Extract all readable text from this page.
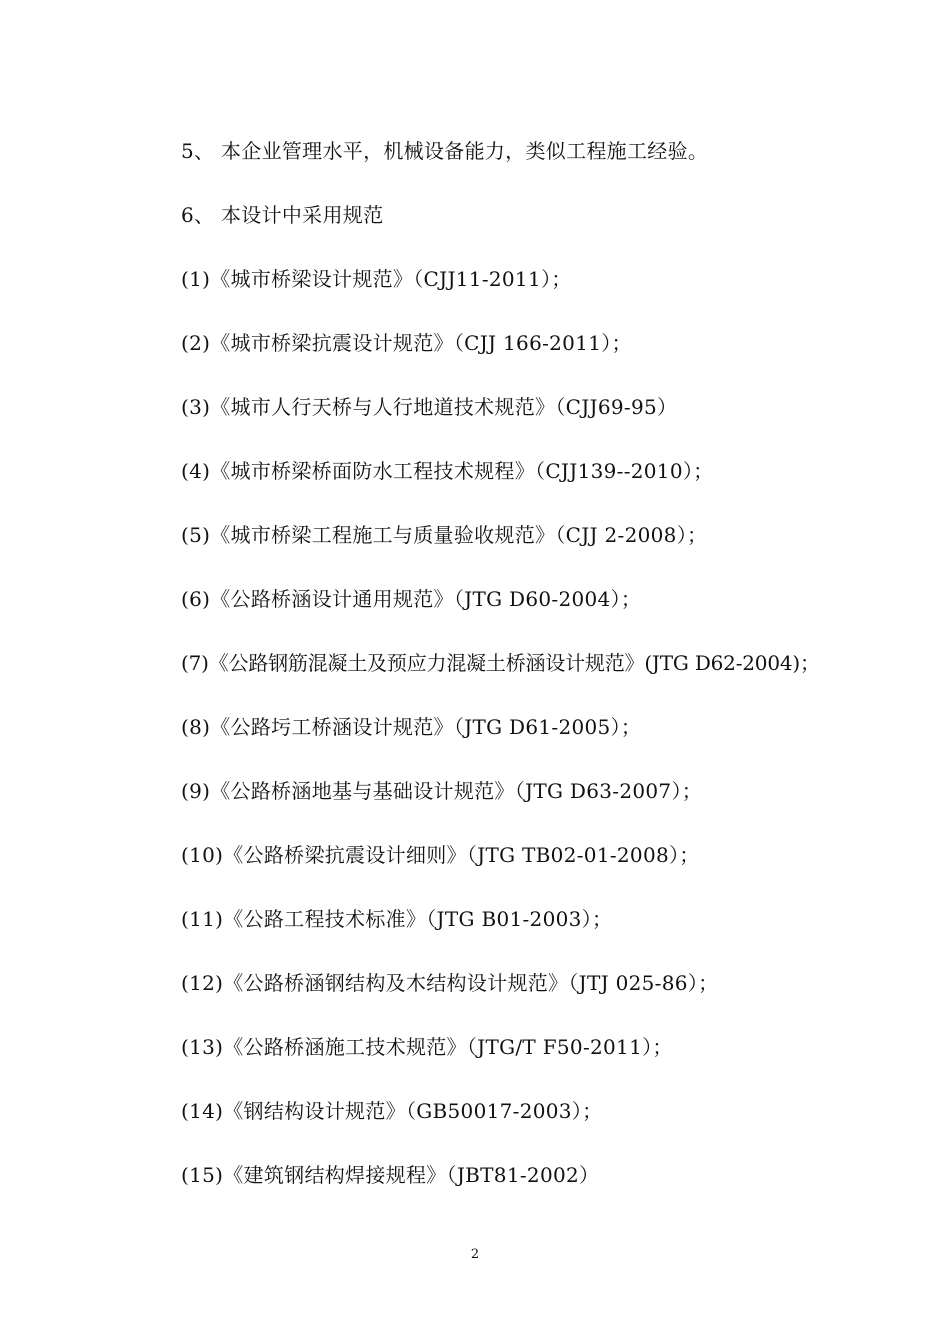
5、 本企业管理水平，机械设备能力，类似工程施工经验。
6、 本设计中采用规范
(1)《城市桥梁设计规范》（CJJ11-2011）；
(2)《城市桥梁抗震设计规范》（CJJ 166-2011）；
(3)《城市人行天桥与人行地道技术规范》（CJJ69-95）
(4)《城市桥梁桥面防水工程技术规程》（CJJ139--2010）；
(5)《城市桥梁工程施工与质量验收规范》（CJJ 2-2008）；
(6)《公路桥涵设计通用规范》（JTG D60-2004）；
(7)《公路钢筋混凝土及预应力混凝土桥涵设计规范》(JTG D62-2004)；
(8)《公路圬工桥涵设计规范》（JTG D61-2005）；
(9)《公路桥涵地基与基础设计规范》（JTG D63-2007）；
(10)《公路桥梁抗震设计细则》（JTG TB02-01-2008）；
(11)《公路工程技术标准》（JTG B01-2003）；
(12)《公路桥涵钢结构及木结构设计规范》（JTJ 025-86）；
(13)《公路桥涵施工技术规范》（JTG/T F50-2011）；
(14)《钢结构设计规范》（GB50017-2003）；
(15)《建筑钢结构焊接规程》（JBT81-2002）
2
